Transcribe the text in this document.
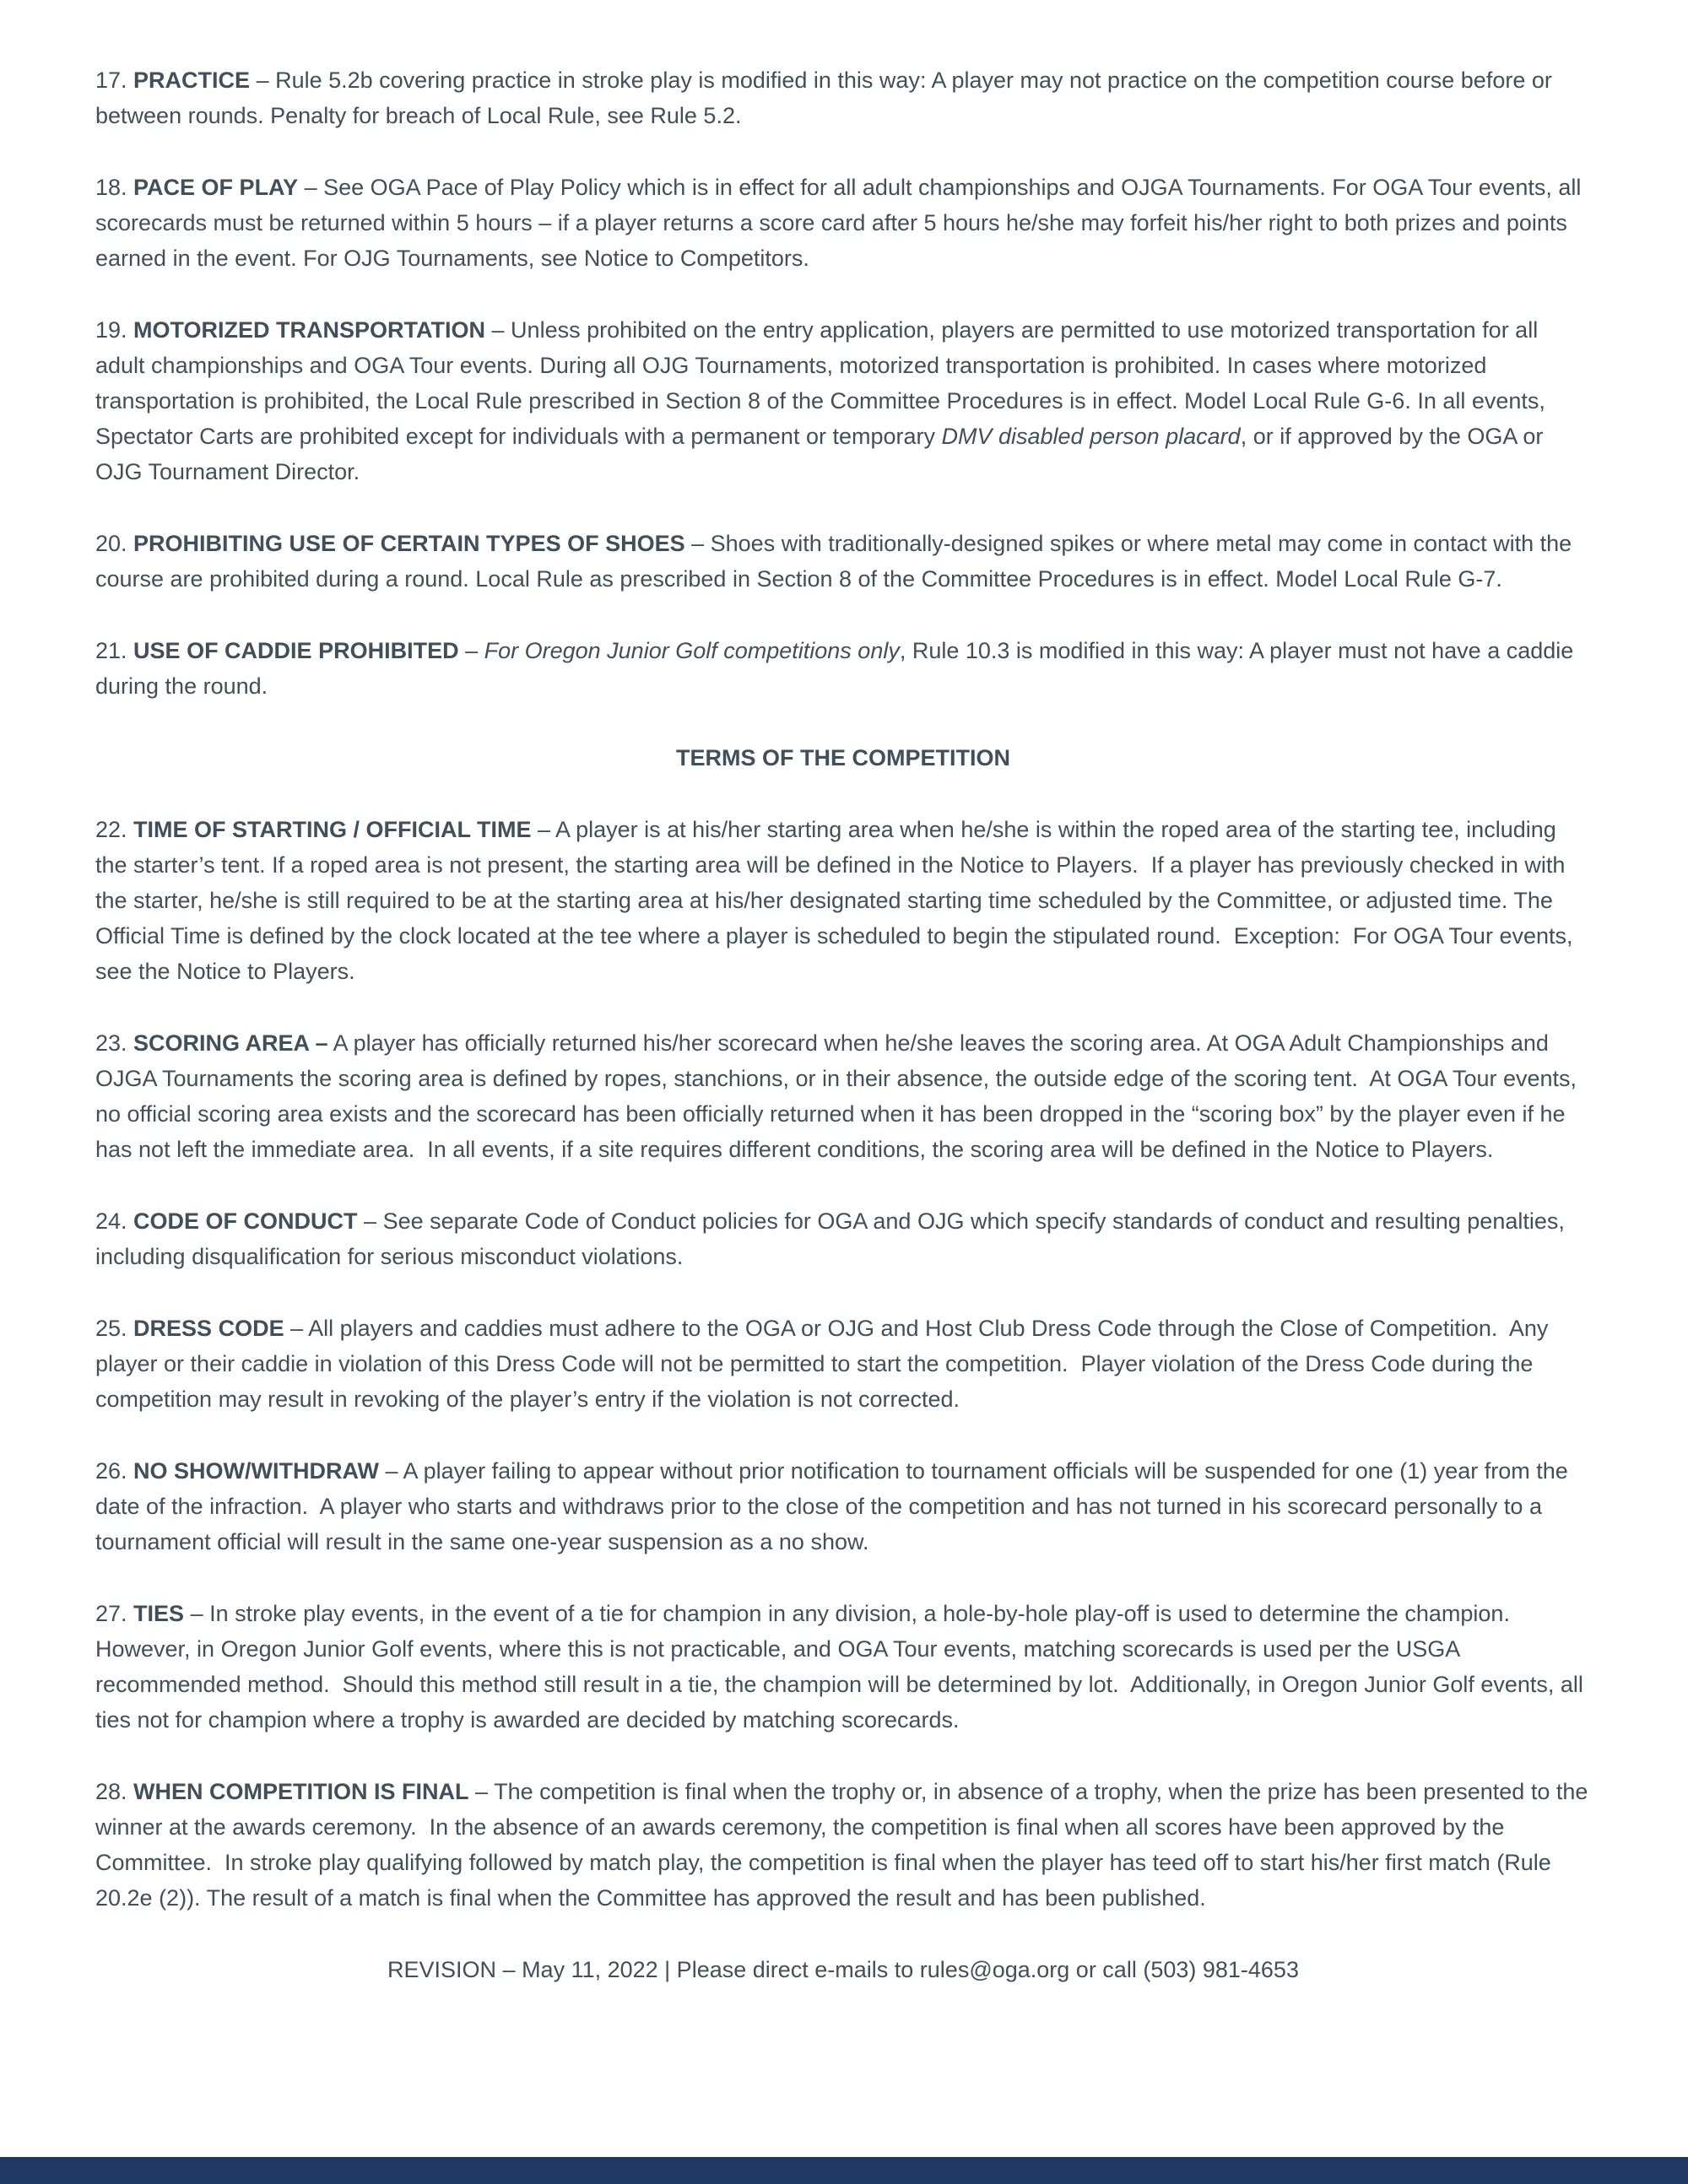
17. PRACTICE – Rule 5.2b covering practice in stroke play is modified in this way: A player may not practice on the competition course before or between rounds. Penalty for breach of Local Rule, see Rule 5.2.

18. PACE OF PLAY – See OGA Pace of Play Policy which is in effect for all adult championships and OJGA Tournaments. For OGA Tour events, all scorecards must be returned within 5 hours – if a player returns a score card after 5 hours he/she may forfeit his/her right to both prizes and points earned in the event. For OJG Tournaments, see Notice to Competitors.

19. MOTORIZED TRANSPORTATION – Unless prohibited on the entry application, players are permitted to use motorized transportation for all adult championships and OGA Tour events. During all OJG Tournaments, motorized transportation is prohibited. In cases where motorized transportation is prohibited, the Local Rule prescribed in Section 8 of the Committee Procedures is in effect. Model Local Rule G-6. In all events, Spectator Carts are prohibited except for individuals with a permanent or temporary DMV disabled person placard, or if approved by the OGA or OJG Tournament Director.

20. PROHIBITING USE OF CERTAIN TYPES OF SHOES – Shoes with traditionally-designed spikes or where metal may come in contact with the course are prohibited during a round. Local Rule as prescribed in Section 8 of the Committee Procedures is in effect. Model Local Rule G-7.

21. USE OF CADDIE PROHIBITED – For Oregon Junior Golf competitions only, Rule 10.3 is modified in this way: A player must not have a caddie during the round.

TERMS OF THE COMPETITION

22. TIME OF STARTING / OFFICIAL TIME – A player is at his/her starting area when he/she is within the roped area of the starting tee, including the starter’s tent. If a roped area is not present, the starting area will be defined in the Notice to Players.  If a player has previously checked in with the starter, he/she is still required to be at the starting area at his/her designated starting time scheduled by the Committee, or adjusted time. The Official Time is defined by the clock located at the tee where a player is scheduled to begin the stipulated round.  Exception:  For OGA Tour events, see the Notice to Players.

23. SCORING AREA – A player has officially returned his/her scorecard when he/she leaves the scoring area. At OGA Adult Championships and OJGA Tournaments the scoring area is defined by ropes, stanchions, or in their absence, the outside edge of the scoring tent.  At OGA Tour events, no official scoring area exists and the scorecard has been officially returned when it has been dropped in the “scoring box” by the player even if he has not left the immediate area.  In all events, if a site requires different conditions, the scoring area will be defined in the Notice to Players.

24. CODE OF CONDUCT – See separate Code of Conduct policies for OGA and OJG which specify standards of conduct and resulting penalties, including disqualification for serious misconduct violations.

25. DRESS CODE – All players and caddies must adhere to the OGA or OJG and Host Club Dress Code through the Close of Competition.  Any player or their caddie in violation of this Dress Code will not be permitted to start the competition.  Player violation of the Dress Code during the competition may result in revoking of the player’s entry if the violation is not corrected.

26. NO SHOW/WITHDRAW – A player failing to appear without prior notification to tournament officials will be suspended for one (1) year from the date of the infraction.  A player who starts and withdraws prior to the close of the competition and has not turned in his scorecard personally to a tournament official will result in the same one-year suspension as a no show.

27. TIES – In stroke play events, in the event of a tie for champion in any division, a hole-by-hole play-off is used to determine the champion.  However, in Oregon Junior Golf events, where this is not practicable, and OGA Tour events, matching scorecards is used per the USGA recommended method.  Should this method still result in a tie, the champion will be determined by lot.  Additionally, in Oregon Junior Golf events, all ties not for champion where a trophy is awarded are decided by matching scorecards.

28. WHEN COMPETITION IS FINAL – The competition is final when the trophy or, in absence of a trophy, when the prize has been presented to the winner at the awards ceremony.  In the absence of an awards ceremony, the competition is final when all scores have been approved by the Committee.  In stroke play qualifying followed by match play, the competition is final when the player has teed off to start his/her first match (Rule 20.2e (2)). The result of a match is final when the Committee has approved the result and has been published.

REVISION – May 11, 2022 | Please direct e-mails to rules@oga.org or call (503) 981-4653
